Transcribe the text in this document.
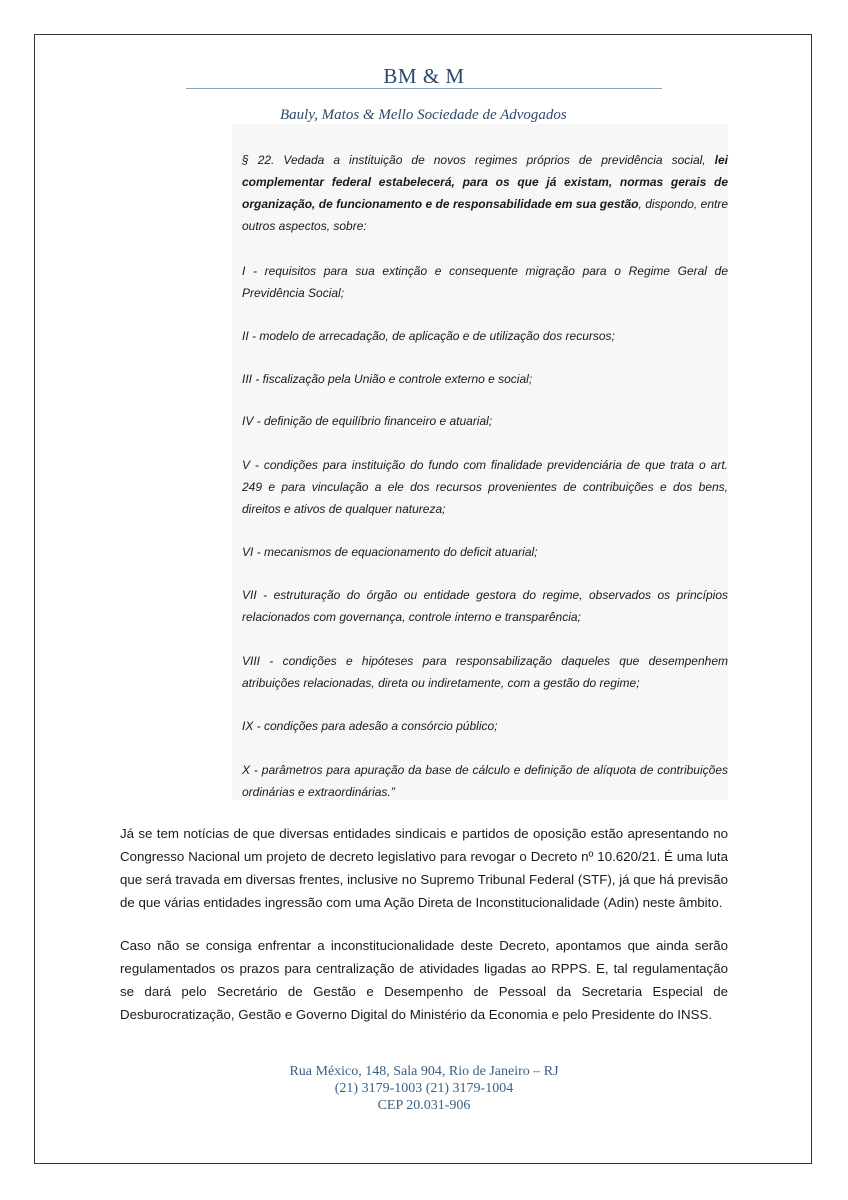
BM & M
Bauly, Matos & Mello Sociedade de Advogados

§ 22. Vedada a instituição de novos regimes próprios de previdência social, lei complementar federal estabelecerá, para os que já existam, normas gerais de organização, de funcionamento e de responsabilidade em sua gestão, dispondo, entre outros aspectos, sobre:

I - requisitos para sua extinção e consequente migração para o Regime Geral de Previdência Social;

II - modelo de arrecadação, de aplicação e de utilização dos recursos;

III - fiscalização pela União e controle externo e social;

IV - definição de equilíbrio financeiro e atuarial;

V - condições para instituição do fundo com finalidade previdenciária de que trata o art. 249 e para vinculação a ele dos recursos provenientes de contribuições e dos bens, direitos e ativos de qualquer natureza;

VI - mecanismos de equacionamento do deficit atuarial;

VII - estruturação do órgão ou entidade gestora do regime, observados os princípios relacionados com governança, controle interno e transparência;

VIII - condições e hipóteses para responsabilização daqueles que desempenhem atribuições relacionadas, direta ou indiretamente, com a gestão do regime;

IX - condições para adesão a consórcio público;

X - parâmetros para apuração da base de cálculo e definição de alíquota de contribuições ordinárias e extraordinárias.”

Já se tem notícias de que diversas entidades sindicais e partidos de oposição estão apresentando no Congresso Nacional um projeto de decreto legislativo para revogar o Decreto nº 10.620/21. É uma luta que será travada em diversas frentes, inclusive no Supremo Tribunal Federal (STF), já que há previsão de que várias entidades ingressão com uma Ação Direta de Inconstitucionalidade (Adin) neste âmbito.

Caso não se consiga enfrentar a inconstitucionalidade deste Decreto, apontamos que ainda serão regulamentados os prazos para centralização de atividades ligadas ao RPPS. E, tal regulamentação se dará pelo Secretário de Gestão e Desempenho de Pessoal da Secretaria Especial de Desburocratização, Gestão e Governo Digital do Ministério da Economia e pelo Presidente do INSS.

Rua México, 148, Sala 904, Rio de Janeiro – RJ
(21) 3179-1003 (21) 3179-1004
CEP 20.031-906
